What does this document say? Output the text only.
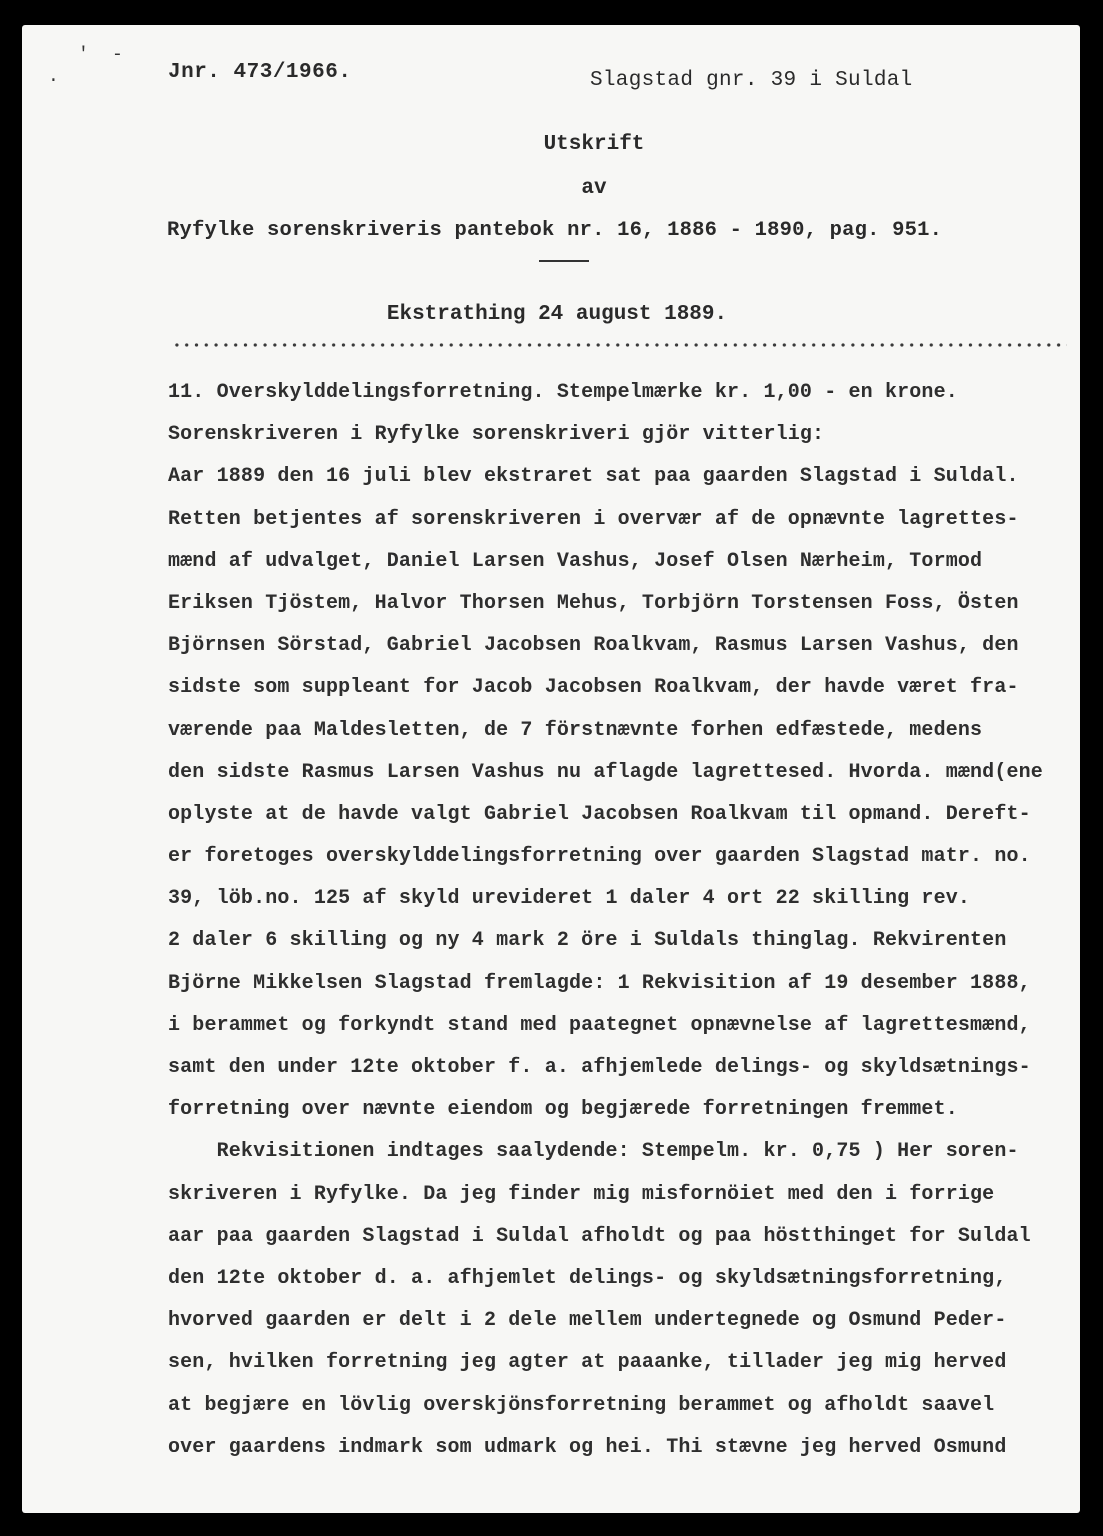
' -
·	Jnr. 473/1966.	Slagstad gnr. 39 i Suldal
Utskrift
av
Ryfylke sorenskriveris pantebok nr. 16, 1886 - 1890, pag. 951.
Ekstrathing 24 august 1889.
11. Overskylddelingsforretning. Stempelmærke kr. 1,00 - en krone.
Sorenskriveren i Ryfylke sorenskriveri gjör vitterlig:
Aar 1889 den 16 juli blev ekstraret sat paa gaarden Slagstad i Suldal.
Retten betjentes af sorenskriveren i overvær af de opnævnte lagrettes-
mænd af udvalget, Daniel Larsen Vashus, Josef Olsen Nærheim, Tormod
Eriksen Tjöstem, Halvor Thorsen Mehus, Torbjörn Torstensen Foss, Östen
Björnsen Sörstad, Gabriel Jacobsen Roalkvam, Rasmus Larsen Vashus, den
sidste som suppleant for Jacob Jacobsen Roalkvam, der havde været fra-
værende paa Maldesletten, de 7 förstnævnte forhen edfæstede, medens
den sidste Rasmus Larsen Vashus nu aflagde lagrettesed. Hvorda. mænd(ene
oplyste at de havde valgt Gabriel Jacobsen Roalkvam til opmand. Dereft-
er foretoges overskylddelingsforretning over gaarden Slagstad matr. no.
39, löb.no. 125 af skyld urevideret 1 daler 4 ort 22 skilling rev.
2 daler 6 skilling og ny 4 mark 2 öre i Suldals thinglag. Rekvirenten
Björne Mikkelsen Slagstad fremlagde: 1 Rekvisition af 19 desember 1888,
i berammet og forkyndt stand med paategnet opnævnelse af lagrettesmænd,
samt den under 12te oktober f. a. afhjemlede delings- og skyldsætnings-
forretning over nævnte eiendom og begjærede forretningen fremmet.
Rekvisitionen indtages saalydende: Stempelm. kr. 0,75 ) Her soren-
skriveren i Ryfylke. Da jeg finder mig misfornöiet med den i forrige
aar paa gaarden Slagstad i Suldal afholdt og paa höstthinget for Suldal
den 12te oktober d. a. afhjemlet delings- og skyldsætningsforretning,
hvorved gaarden er delt i 2 dele mellem undertegnede og Osmund Peder-
sen, hvilken forretning jeg agter at paaanke, tillader jeg mig herved
at begjære en lövlig overskjönsforretning berammet og afholdt saavel
over gaardens indmark som udmark og hei. Thi stævne jeg herved Osmund
